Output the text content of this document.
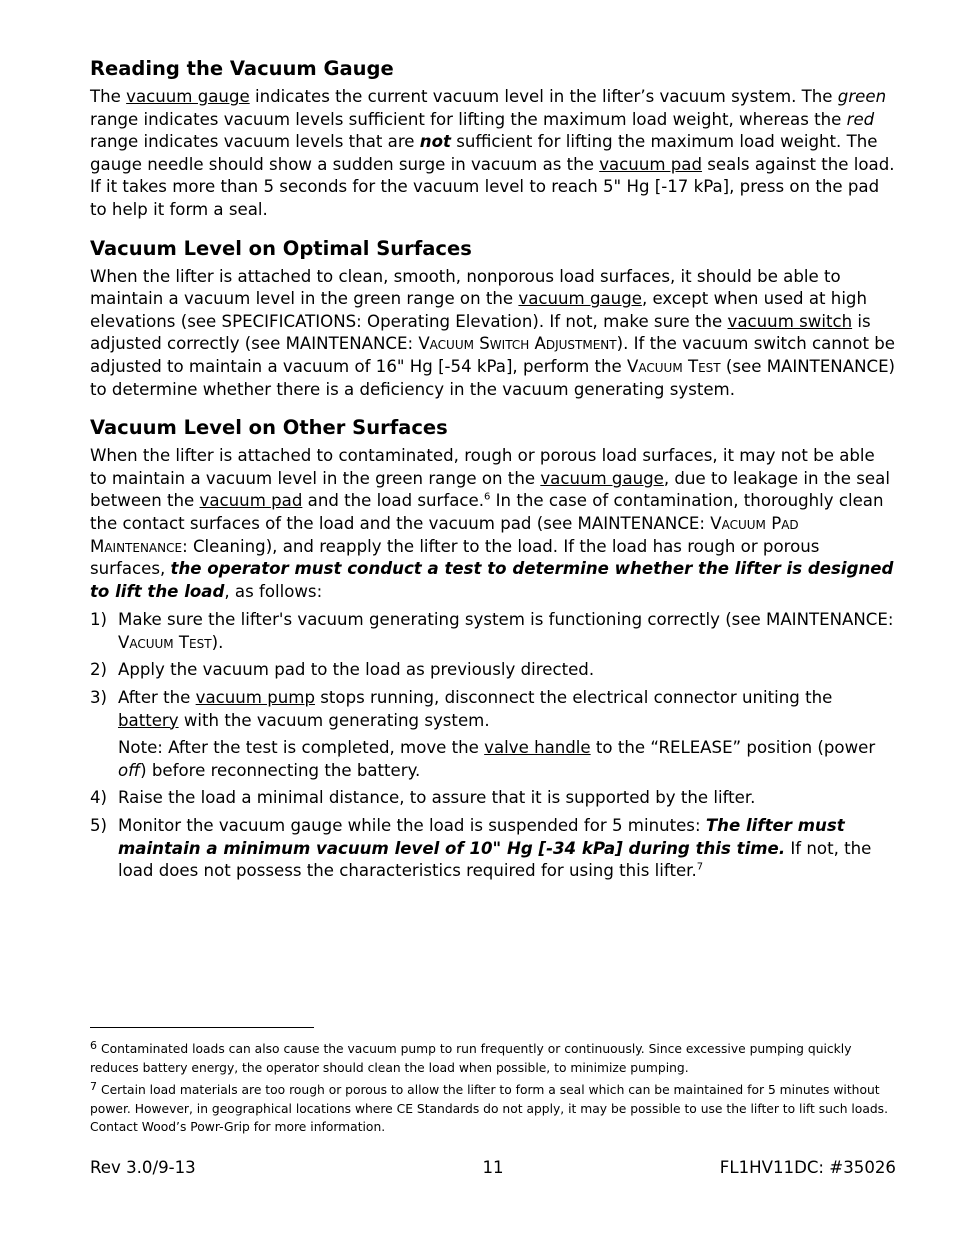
Reading the Vacuum Gauge

The vacuum gauge indicates the current vacuum level in the lifter’s vacuum system. The green range indicates vacuum levels sufficient for lifting the maximum load weight, whereas the red range indicates vacuum levels that are not sufficient for lifting the maximum load weight. The gauge needle should show a sudden surge in vacuum as the vacuum pad seals against the load. If it takes more than 5 seconds for the vacuum level to reach 5" Hg [-17 kPa], press on the pad to help it form a seal.

Vacuum Level on Optimal Surfaces

When the lifter is attached to clean, smooth, nonporous load surfaces, it should be able to maintain a vacuum level in the green range on the vacuum gauge, except when used at high elevations (see SPECIFICATIONS: Operating Elevation). If not, make sure the vacuum switch is adjusted correctly (see MAINTENANCE: Vacuum Switch Adjustment). If the vacuum switch cannot be adjusted to maintain a vacuum of 16" Hg [-54 kPa], perform the Vacuum Test (see MAINTENANCE) to determine whether there is a deficiency in the vacuum generating system.

Vacuum Level on Other Surfaces

When the lifter is attached to contaminated, rough or porous load surfaces, it may not be able to maintain a vacuum level in the green range on the vacuum gauge, due to leakage in the seal between the vacuum pad and the load surface.$^6$ In the case of contamination, thoroughly clean the contact surfaces of the load and the vacuum pad (see MAINTENANCE: Vacuum Pad Maintenance: Cleaning), and reapply the lifter to the load. If the load has rough or porous surfaces, the operator must conduct a test to determine whether the lifter is designed to lift the load, as follows:

1) Make sure the lifter's vacuum generating system is functioning correctly (see MAINTENANCE: Vacuum Test).
2) Apply the vacuum pad to the load as previously directed.
3) After the vacuum pump stops running, disconnect the electrical connector uniting the battery with the vacuum generating system.
Note: After the test is completed, move the valve handle to the “RELEASE” position (power off) before reconnecting the battery.
4) Raise the load a minimal distance, to assure that it is supported by the lifter.
5) Monitor the vacuum gauge while the load is suspended for 5 minutes: The lifter must maintain a minimum vacuum level of 10" Hg [-34 kPa] during this time. If not, the load does not possess the characteristics required for using this lifter.$^7$
$^6$ Contaminated loads can also cause the vacuum pump to run frequently or continuously. Since excessive pumping quickly reduces battery energy, the operator should clean the load when possible, to minimize pumping.
$^7$ Certain load materials are too rough or porous to allow the lifter to form a seal which can be maintained for 5 minutes without power. However, in geographical locations where CE Standards do not apply, it may be possible to use the lifter to lift such loads. Contact Wood’s Powr-Grip for more information.
Rev 3.0/9-13	11	FL1HV11DC: #35026
